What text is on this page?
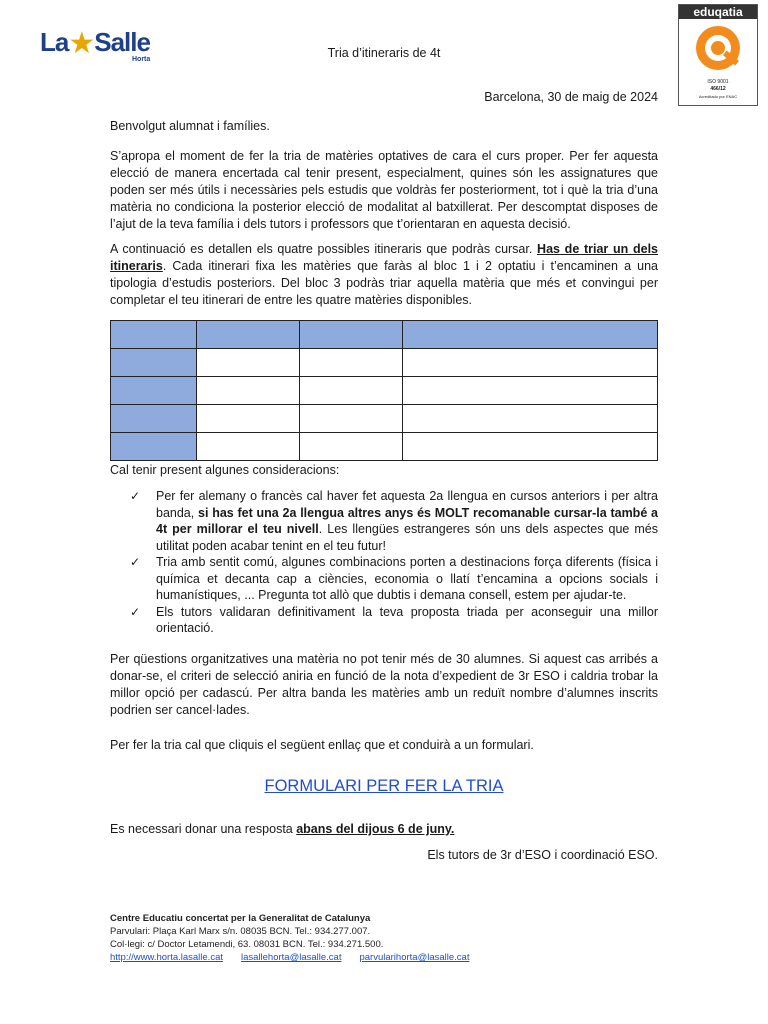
La★Salle
Horta	Tria d’itineraris de 4t
eduqatia
ISO 9001
466/12
Acreditado por ENAC
Barcelona, 30 de maig de 2024
Benvolgut alumnat i famílies.
S’apropa el moment de fer la tria de matèries optatives de cara el curs proper. Per fer aquesta elecció de manera encertada cal tenir present, especialment, quines són les assignatures que poden ser més útils i necessàries pels estudis que voldràs fer posteriorment, tot i què la tria d’una matèria no condiciona la posterior elecció de modalitat al batxillerat. Per descomptat disposes de l’ajut de la teva família i dels tutors i professors que t’orientaran en aquesta decisió.
A continuació es detallen els quatre possibles itineraris que podràs cursar. Has de triar un dels itineraris. Cada itinerari fixa les matèries que faràs al bloc 1 i 2 optatiu i t’encaminen a una tipologia d’estudis posteriors. Del bloc 3 podràs triar aquella matèria que més et convingui per completar el teu itinerari de entre les quatre matèries disponibles.

Cal tenir present algunes consideracions:
✓ Per fer alemany o francès cal haver fet aquesta 2a llengua en cursos anteriors i per altra banda, si has fet una 2a llengua altres anys és MOLT recomanable cursar-la també a 4t per millorar el teu nivell. Les llengües estrangeres són uns dels aspectes que més utilitat poden acabar tenint en el teu futur!
✓ Tria amb sentit comú, algunes combinacions porten a destinacions força diferents (física i química et decanta cap a ciències, economia o llatí t’encamina a opcions socials i humanístiques, ... Pregunta tot allò que dubtis i demana consell, estem per ajudar-te.
✓ Els tutors validaran definitivament la teva proposta triada per aconseguir una millor orientació.
Per qüestions organitzatives una matèria no pot tenir més de 30 alumnes. Si aquest cas arribés a donar-se, el criteri de selecció aniria en funció de la nota d’expedient de 3r ESO i caldria trobar la millor opció per cadascú. Per altra banda les matèries amb un reduït nombre d’alumnes inscrits podrien ser cancel·lades.
Per fer la tria cal que cliquis el següent enllaç que et conduirà a un formulari.
FORMULARI PER FER LA TRIA
Es necessari donar una resposta abans del dijous 6 de juny.
Els tutors de 3r d’ESO i coordinació ESO.
Centre Educatiu concertat per la Generalitat de Catalunya
Parvulari: Plaça Karl Marx s/n. 08035 BCN. Tel.: 934.277.007.
Col·legi: c/ Doctor Letamendi, 63. 08031 BCN. Tel.: 934.271.500.
http://www.horta.lasalle.cat lasallehorta@lasalle.cat parvularihorta@lasalle.cat
